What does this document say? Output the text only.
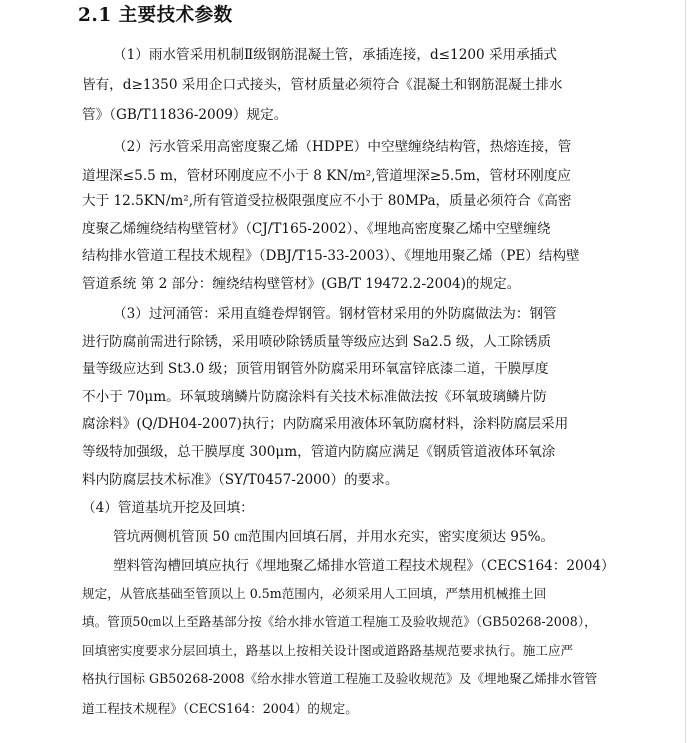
2.1 主要技术参数
（1）雨水管采用机制Ⅱ级钢筋混凝土管，承插连接，d≤1200 采用承插式
皆有，d≥1350 采用企口式接头，管材质量必须符合《混凝土和钢筋混凝土排水
管》（GB/T11836-2009）规定。
（2）污水管采用高密度聚乙烯（HDPE）中空壁缠绕结构管，热熔连接，管
道埋深≤5.5 m，管材环刚度应不小于 8 KN/m²,管道埋深≥5.5m，管材环刚度应
大于 12.5KN/m²,所有管道受拉极限强度应不小于 80MPa，质量必须符合《高密
度聚乙烯缠绕结构壁管材》（CJ/T165-2002）、《埋地高密度聚乙烯中空壁缠绕
结构排水管道工程技术规程》（DBJ/T15-33-2003）、《埋地用聚乙烯（PE）结构壁
管道系统 第 2 部分：缠绕结构壁管材》(GB/T 19472.2-2004)的规定。
（3）过河涌管：采用直缝卷焊钢管。钢材管材采用的外防腐做法为：钢管
进行防腐前需进行除锈，采用喷砂除锈质量等级应达到 Sa2.5 级，人工除锈质
量等级应达到 St3.0 级；顶管用钢管外防腐采用环氧富锌底漆二道，干膜厚度
不小于 70μm。环氧玻璃鳞片防腐涂料有关技术标准做法按《环氧玻璃鳞片防
腐涂料》(Q/DH04-2007)执行；内防腐采用液体环氧防腐材料，涂料防腐层采用
等级特加强级，总干膜厚度 300μm，管道内防腐应满足《钢质管道液体环氧涂
料内防腐层技术标准》（SY/T0457-2000）的要求。
（4）管道基坑开挖及回填：
管坑两侧机管顶 50 ㎝范围内回填石屑，并用水充实，密实度须达 95%。
塑料管沟槽回填应执行《埋地聚乙烯排水管道工程技术规程》（CECS164：2004）
规定，从管底基础至管顶以上 0.5m范围内，必须采用人工回填，严禁用机械推土回
填。管顶50㎝以上至路基部分按《给水排水管道工程施工及验收规范》（GB50268-2008），
回填密实度要求分层回填土，路基以上按相关设计图或道路路基规范要求执行。施工应严
格执行国标 GB50268-2008《给水排水管道工程施工及验收规范》及《埋地聚乙烯排水管管
道工程技术规程》（CECS164：2004）的规定。
